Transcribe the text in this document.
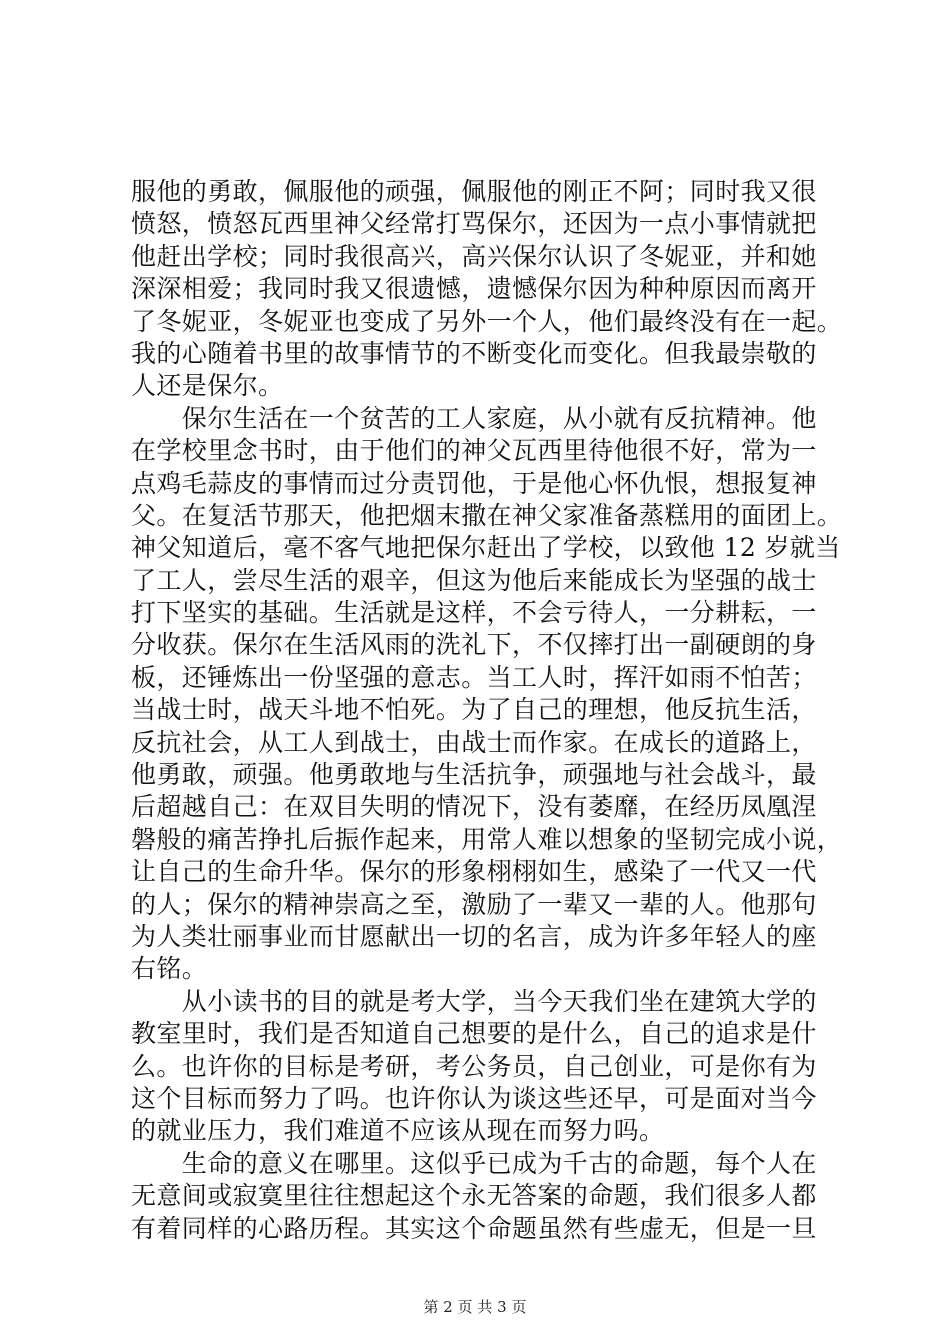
服他的勇敢，佩服他的顽强，佩服他的刚正不阿；同时我又很
愤怒，愤怒瓦西里神父经常打骂保尔，还因为一点小事情就把
他赶出学校；同时我很高兴，高兴保尔认识了冬妮亚，并和她
深深相爱；我同时我又很遗憾，遗憾保尔因为种种原因而离开
了冬妮亚，冬妮亚也变成了另外一个人，他们最终没有在一起。
我的心随着书里的故事情节的不断变化而变化。但我最崇敬的
人还是保尔。
　　保尔生活在一个贫苦的工人家庭，从小就有反抗精神。他
在学校里念书时，由于他们的神父瓦西里待他很不好，常为一
点鸡毛蒜皮的事情而过分责罚他，于是他心怀仇恨，想报复神
父。在复活节那天，他把烟末撒在神父家准备蒸糕用的面团上。
神父知道后，毫不客气地把保尔赶出了学校，以致他 12 岁就当
了工人，尝尽生活的艰辛，但这为他后来能成长为坚强的战士
打下坚实的基础。生活就是这样，不会亏待人，一分耕耘，一
分收获。保尔在生活风雨的洗礼下，不仅摔打出一副硬朗的身
板，还锤炼出一份坚强的意志。当工人时，挥汗如雨不怕苦；
当战士时，战天斗地不怕死。为了自己的理想，他反抗生活，
反抗社会，从工人到战士，由战士而作家。在成长的道路上，
他勇敢，顽强。他勇敢地与生活抗争，顽强地与社会战斗，最
后超越自己：在双目失明的情况下，没有萎靡，在经历凤凰涅
磐般的痛苦挣扎后振作起来，用常人难以想象的坚韧完成小说，
让自己的生命升华。保尔的形象栩栩如生，感染了一代又一代
的人；保尔的精神崇高之至，激励了一辈又一辈的人。他那句
为人类壮丽事业而甘愿献出一切的名言，成为许多年轻人的座
右铭。
　　从小读书的目的就是考大学，当今天我们坐在建筑大学的
教室里时，我们是否知道自己想要的是什么，自己的追求是什
么。也许你的目标是考研，考公务员，自己创业，可是你有为
这个目标而努力了吗。也许你认为谈这些还早，可是面对当今
的就业压力，我们难道不应该从现在而努力吗。
　　生命的意义在哪里。这似乎已成为千古的命题，每个人在
无意间或寂寞里往往想起这个永无答案的命题，我们很多人都
有着同样的心路历程。其实这个命题虽然有些虚无，但是一旦
第 2 页 共 3 页
